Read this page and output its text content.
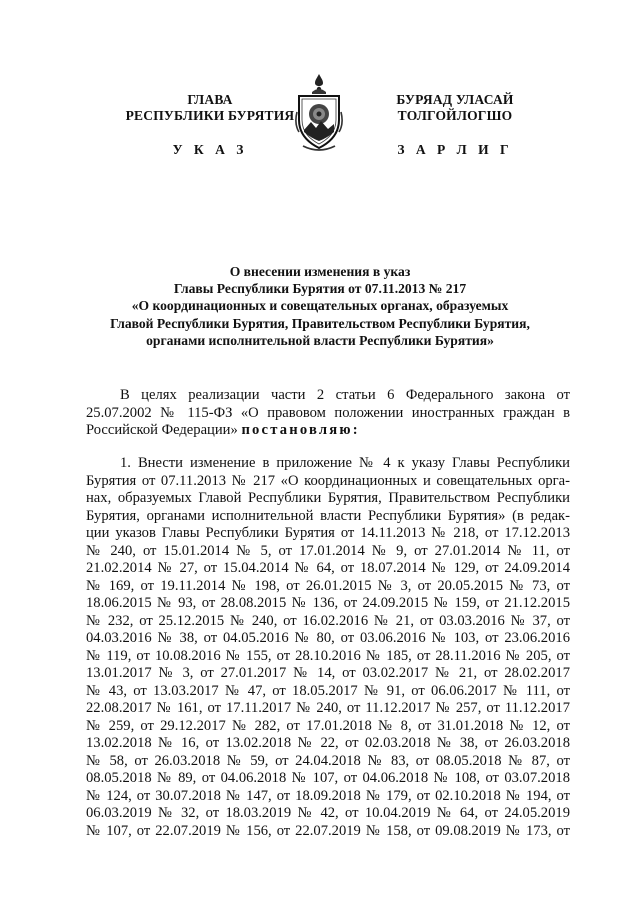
ГЛАВА
РЕСПУБЛИКИ БУРЯТИЯ
У К А З
БУРЯАД УЛАСАЙ
ТОЛГОЙЛОГШО
З А Р Л И Г
О внесении изменения в указ
Главы Республики Бурятия от 07.11.2013 № 217
«О координационных и совещательных органах, образуемых
Главой Республики Бурятия, Правительством Республики Бурятия,
органами исполнительной власти Республики Бурятия»
В целях реализации части 2 статьи 6 Федерального закона от
25.07.2002 № 115-ФЗ «О правовом положении иностранных граждан в
Российской Федерации» постановляю:
1. Внести изменение в приложение № 4 к указу Главы Республики
Бурятия от 07.11.2013 № 217 «О координационных и совещательных орга-
нах, образуемых Главой Республики Бурятия, Правительством Республики
Бурятия, органами исполнительной власти Республики Бурятия» (в редак-
ции указов Главы Республики Бурятия от 14.11.2013 № 218, от 17.12.2013
№ 240, от 15.01.2014 № 5, от 17.01.2014 № 9, от 27.01.2014 № 11, от
21.02.2014 № 27, от 15.04.2014 № 64, от 18.07.2014 № 129, от 24.09.2014
№ 169, от 19.11.2014 № 198, от 26.01.2015 № 3, от 20.05.2015 № 73, от
18.06.2015 № 93, от 28.08.2015 № 136, от 24.09.2015 № 159, от 21.12.2015
№ 232, от 25.12.2015 № 240, от 16.02.2016 № 21, от 03.03.2016 № 37, от
04.03.2016 № 38, от 04.05.2016 № 80, от 03.06.2016 № 103, от 23.06.2016
№ 119, от 10.08.2016 № 155, от 28.10.2016 № 185, от 28.11.2016 № 205, от
13.01.2017 № 3, от 27.01.2017 № 14, от 03.02.2017 № 21, от 28.02.2017
№ 43, от 13.03.2017 № 47, от 18.05.2017 № 91, от 06.06.2017 № 111, от
22.08.2017 № 161, от 17.11.2017 № 240, от 11.12.2017 № 257, от 11.12.2017
№ 259, от 29.12.2017 № 282, от 17.01.2018 № 8, от 31.01.2018 № 12, от
13.02.2018 № 16, от 13.02.2018 № 22, от 02.03.2018 № 38, от 26.03.2018
№ 58, от 26.03.2018 № 59, от 24.04.2018 № 83, от 08.05.2018 № 87, от
08.05.2018 № 89, от 04.06.2018 № 107, от 04.06.2018 № 108, от 03.07.2018
№ 124, от 30.07.2018 № 147, от 18.09.2018 № 179, от 02.10.2018 № 194, от
06.03.2019 № 32, от 18.03.2019 № 42, от 10.04.2019 № 64, от 24.05.2019
№ 107, от 22.07.2019 № 156, от 22.07.2019 № 158, от 09.08.2019 № 173, от
